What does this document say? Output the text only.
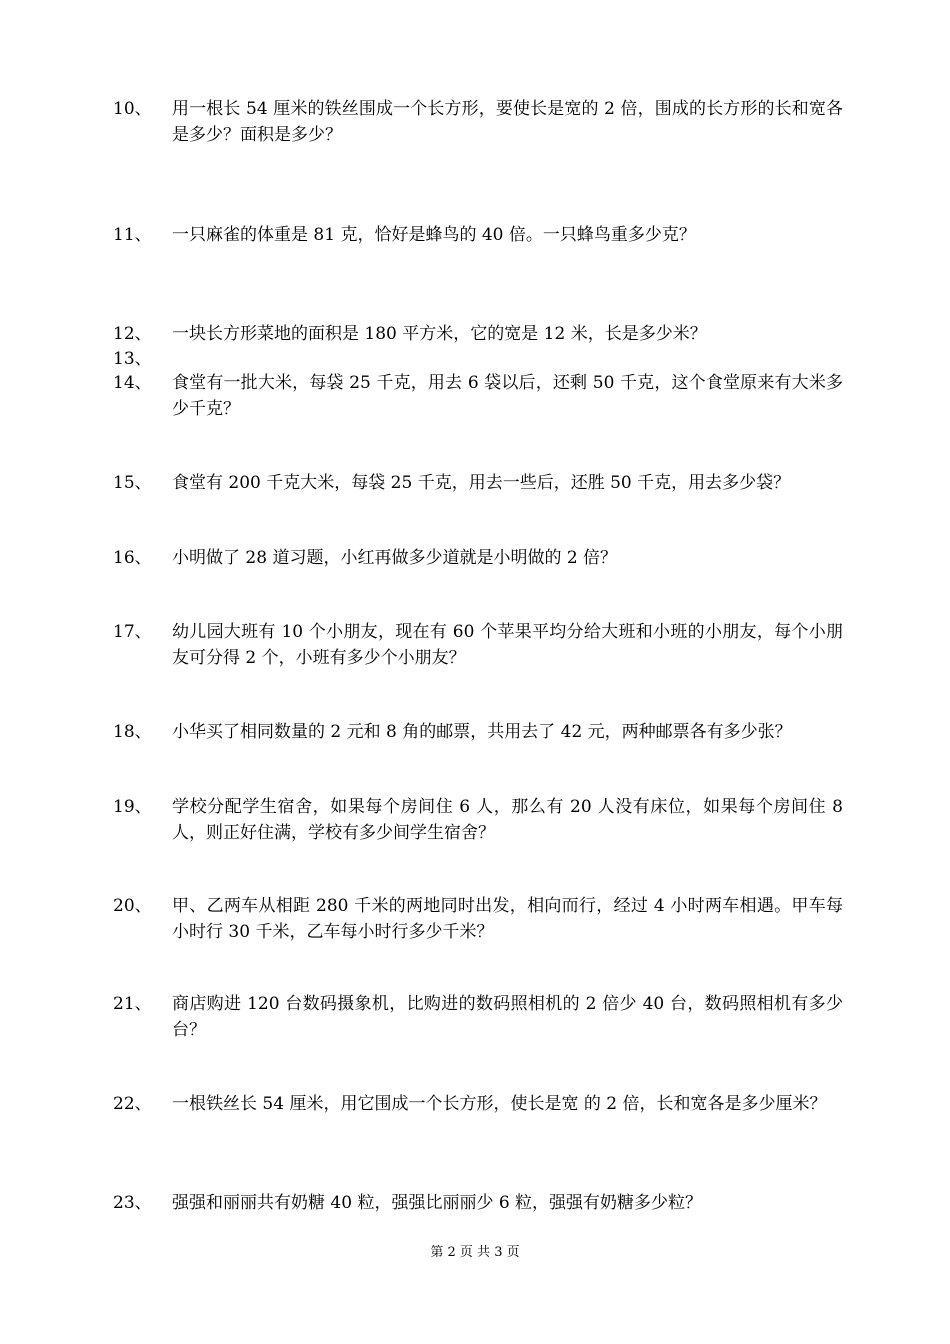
10、	用一根长 54 厘米的铁丝围成一个长方形，要使长是宽的 2 倍，围成的长方形的长和宽各是多少？面积是多少？
11、	一只麻雀的体重是 81 克，恰好是蜂鸟的 40 倍。一只蜂鸟重多少克？
12、	一块长方形菜地的面积是 180 平方米，它的宽是 12 米，长是多少米？
13、
14、	食堂有一批大米，每袋 25 千克，用去 6 袋以后，还剩 50 千克，这个食堂原来有大米多少千克？
15、	食堂有 200 千克大米，每袋 25 千克，用去一些后，还胜 50 千克，用去多少袋？
16、	小明做了 28 道习题，小红再做多少道就是小明做的 2 倍？
17、	幼儿园大班有 10 个小朋友，现在有 60 个苹果平均分给大班和小班的小朋友，每个小朋友可分得 2 个，小班有多少个小朋友？
18、	小华买了相同数量的 2 元和 8 角的邮票，共用去了 42 元，两种邮票各有多少张？
19、	学校分配学生宿舍，如果每个房间住 6 人，那么有 20 人没有床位，如果每个房间住 8 人，则正好住满，学校有多少间学生宿舍？
20、	甲、乙两车从相距 280 千米的两地同时出发，相向而行，经过 4 小时两车相遇。甲车每小时行 30 千米，乙车每小时行多少千米？
21、	商店购进 120 台数码摄象机，比购进的数码照相机的 2 倍少 40 台，数码照相机有多少台？
22、	一根铁丝长 54 厘米，用它围成一个长方形，使长是宽 的 2 倍，长和宽各是多少厘米？
23、	强强和丽丽共有奶糖 40 粒，强强比丽丽少 6 粒，强强有奶糖多少粒？
第 2 页 共 3 页
